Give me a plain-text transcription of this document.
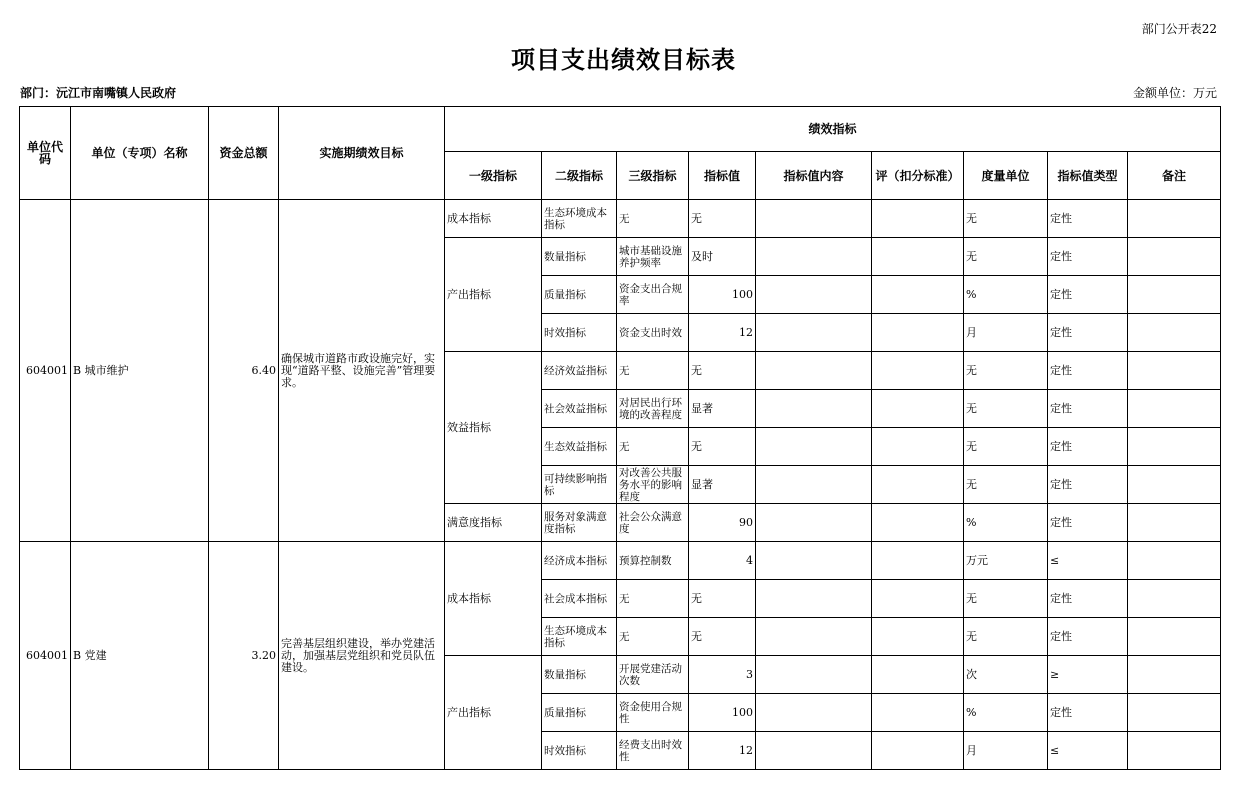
部门公开表22
项目支出绩效目标表
部门：沅江市南嘴镇人民政府	金额单位：万元
单位代码	单位（专项）名称	资金总额	实施期绩效目标	绩效指标								
				一级指标	二级指标	三级指标	指标值	指标值内容	评（扣分标准）	度量单位	指标值类型	备注
604001	B 城市维护	6.40	确保城市道路市政设施完好，实现“道路平整、设施完善”管理要求。	成本指标	生态环境成本指标	无	无			无	定性	
				产出指标	数量指标	城市基础设施养护频率	及时			无	定性	
					质量指标	资金支出合规率	100			%	定性	
					时效指标	资金支出时效	12			月	定性	
				效益指标	经济效益指标	无	无			无	定性	
					社会效益指标	对居民出行环境的改善程度	显著			无	定性	
					生态效益指标	无	无			无	定性	
					可持续影响指标	对改善公共服务水平的影响程度	显著			无	定性	
				满意度指标	服务对象满意度指标	社会公众满意度	90			%	定性	
604001	B 党建	3.20	完善基层组织建设，举办党建活动，加强基层党组织和党员队伍建设。	成本指标	经济成本指标	预算控制数	4			万元	≤	
					社会成本指标	无	无			无	定性	
					生态环境成本指标	无	无			无	定性	
				产出指标	数量指标	开展党建活动次数	3			次	≥	
					质量指标	资金使用合规性	100			%	定性	
					时效指标	经费支出时效性	12			月	≤	
